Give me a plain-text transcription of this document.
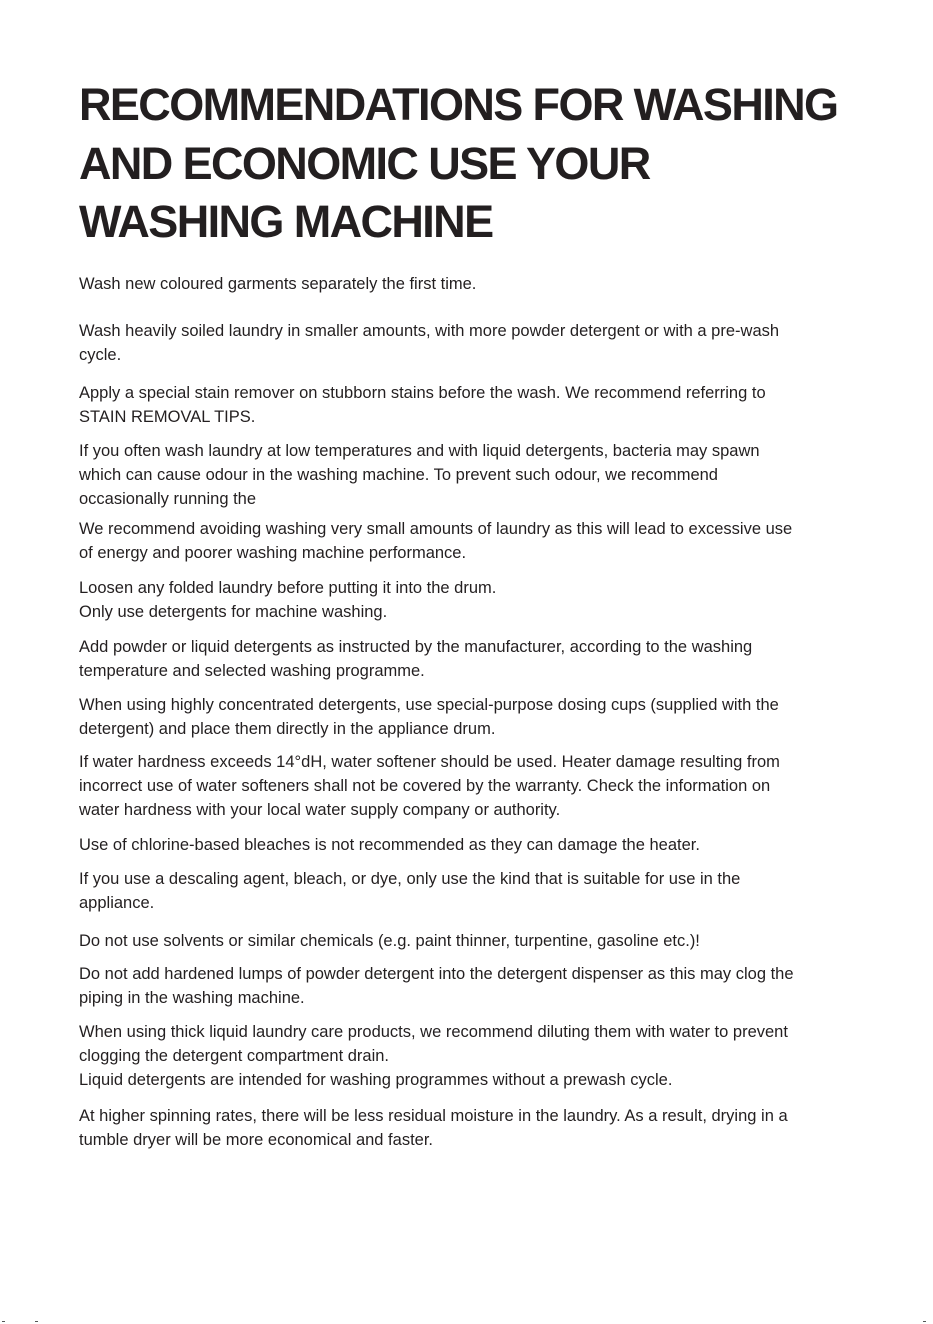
RECOMMENDATIONS FOR WASHING
AND ECONOMIC USE YOUR
WASHING MACHINE

Wash new coloured garments separately the first time.

Wash heavily soiled laundry in smaller amounts, with more powder detergent or with a pre-wash
cycle.

Apply a special stain remover on stubborn stains before the wash. We recommend referring to
STAIN REMOVAL TIPS.

If you often wash laundry at low temperatures and with liquid detergents, bacteria may spawn
which can cause odour in the washing machine. To prevent such odour, we recommend
occasionally running the

We recommend avoiding washing very small amounts of laundry as this will lead to excessive use
of energy and poorer washing machine performance.

Loosen any folded laundry before putting it into the drum.
Only use detergents for machine washing.

Add powder or liquid detergents as instructed by the manufacturer, according to the washing
temperature and selected washing programme.

When using highly concentrated detergents, use special-purpose dosing cups (supplied with the
detergent) and place them directly in the appliance drum.

If water hardness exceeds 14°dH, water softener should be used. Heater damage resulting from
incorrect use of water softeners shall not be covered by the warranty. Check the information on
water hardness with your local water supply company or authority.

Use of chlorine-based bleaches is not recommended as they can damage the heater.

If you use a descaling agent, bleach, or dye, only use the kind that is suitable for use in the
appliance.

Do not use solvents or similar chemicals (e.g. paint thinner, turpentine, gasoline etc.)!

Do not add hardened lumps of powder detergent into the detergent dispenser as this may clog the
piping in the washing machine.

When using thick liquid laundry care products, we recommend diluting them with water to prevent
clogging the detergent compartment drain.
Liquid detergents are intended for washing programmes without a prewash cycle.

At higher spinning rates, there will be less residual moisture in the laundry. As a result, drying in a
tumble dryer will be more economical and faster.
